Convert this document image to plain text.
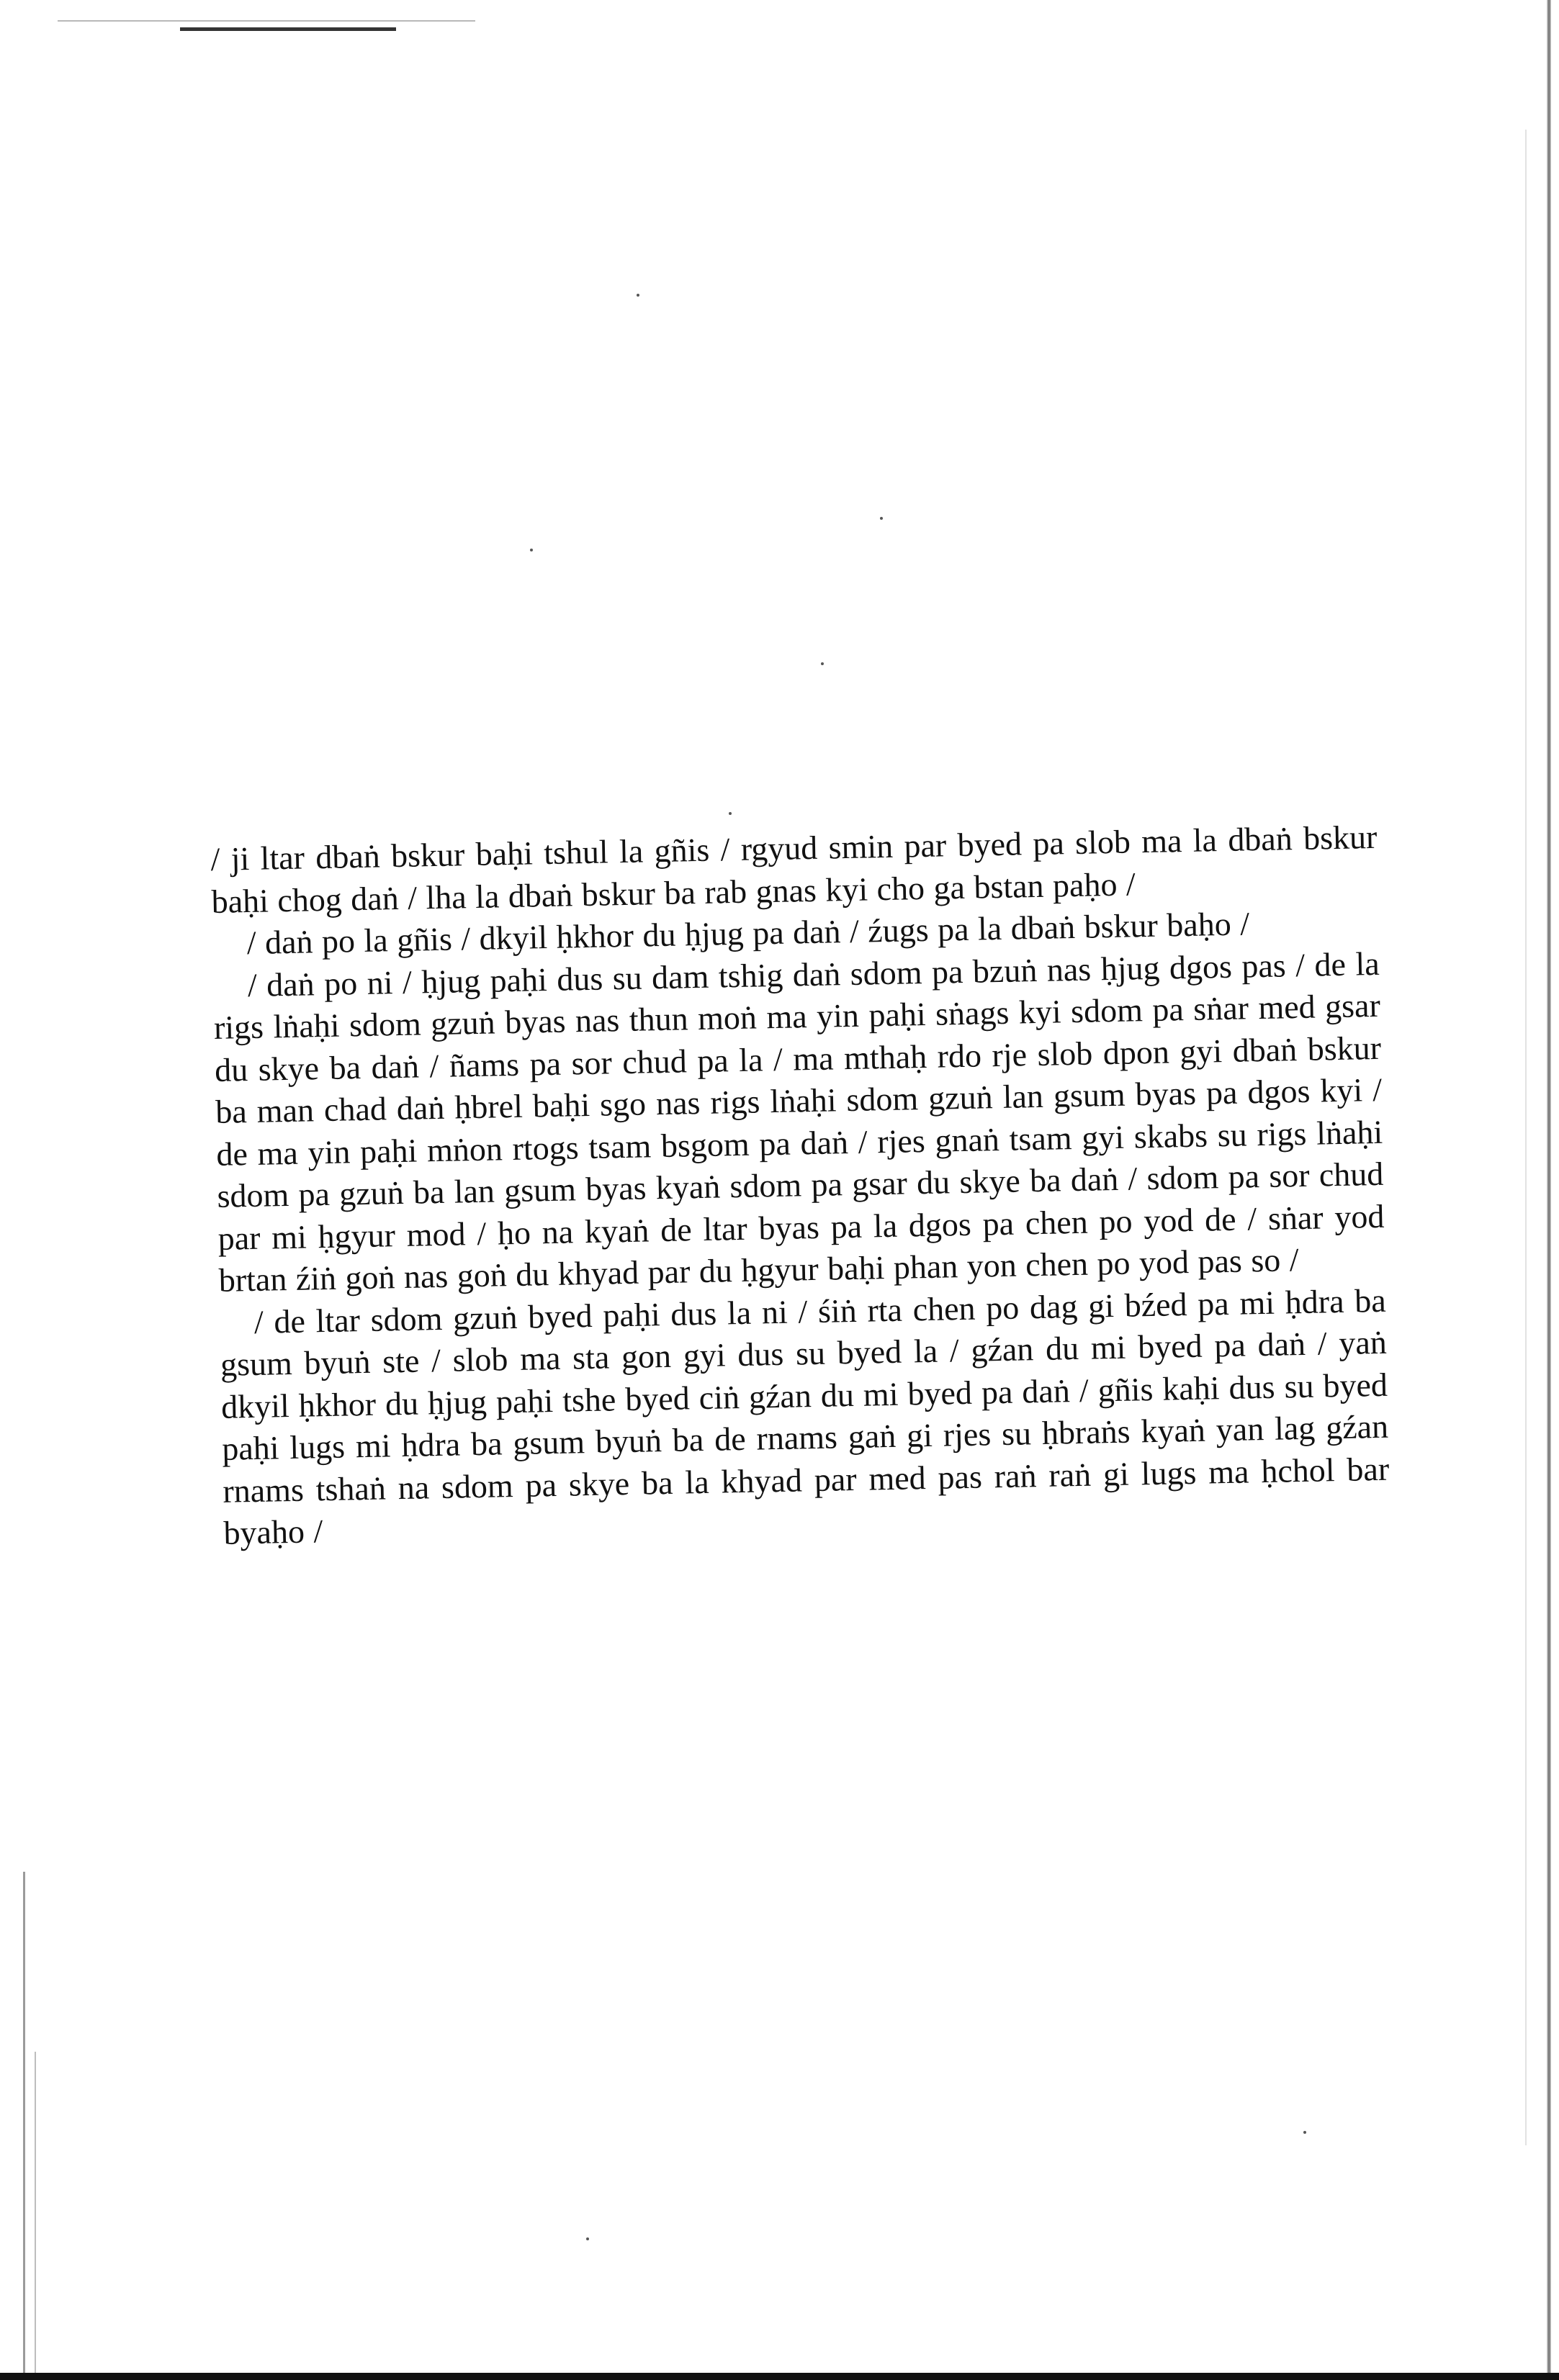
/ ji ltar dbaṅ bskur baḥi tshul la gñis / rgyud smin par byed pa slob ma la dbaṅ bskur baḥi chog daṅ / lha la dbaṅ bskur ba rab gnas kyi cho ga bstan paḥo /

/ daṅ po la gñis / dkyil ḥkhor du ḥjug pa daṅ / źugs pa la dbaṅ bskur baḥo /

/ daṅ po ni / ḥjug paḥi dus su dam tshig daṅ sdom pa bzuṅ nas ḥjug dgos pas / de la rigs lṅaḥi sdom gzuṅ byas nas thun moṅ ma yin paḥi sṅags kyi sdom pa sṅar med gsar du skye ba daṅ / ñams pa sor chud pa la / ma mthaḥ rdo rje slob dpon gyi dbaṅ bskur ba man chad daṅ ḥbrel baḥi sgo nas rigs lṅaḥi sdom gzuṅ lan gsum byas pa dgos kyi / de ma yin paḥi mṅon rtogs tsam bsgom pa daṅ / rjes gnaṅ tsam gyi skabs su rigs lṅaḥi sdom pa gzuṅ ba lan gsum byas kyaṅ sdom pa gsar du skye ba daṅ / sdom pa sor chud par mi ḥgyur mod / ḥo na kyaṅ de ltar byas pa la dgos pa chen po yod de / sṅar yod brtan źiṅ goṅ nas goṅ du khyad par du ḥgyur baḥi phan yon chen po yod pas so /

/ de ltar sdom gzuṅ byed paḥi dus la ni / śiṅ rta chen po dag gi bźed pa mi ḥdra ba gsum byuṅ ste / slob ma sta gon gyi dus su byed la / gźan du mi byed pa daṅ / yaṅ dkyil ḥkhor du ḥjug paḥi tshe byed ciṅ gźan du mi byed pa daṅ / gñis kaḥi dus su byed paḥi lugs mi ḥdra ba gsum byuṅ ba de rnams gaṅ gi rjes su ḥbraṅs kyaṅ yan lag gźan rnams tshaṅ na sdom pa skye ba la khyad par med pas raṅ raṅ gi lugs ma ḥchol bar byaḥo /
